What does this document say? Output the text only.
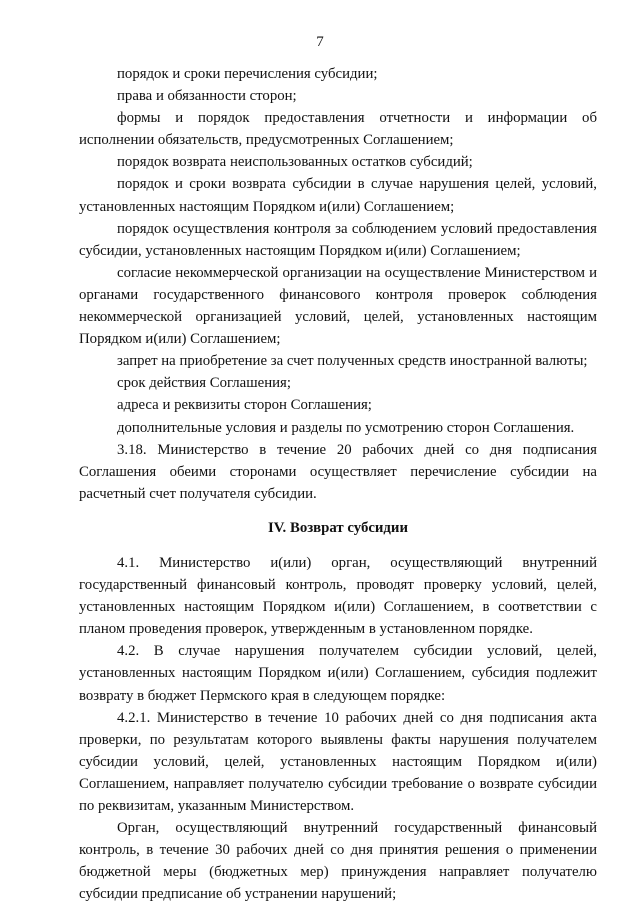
7

порядок и сроки перечисления субсидии;

права и обязанности сторон;

формы и порядок предоставления отчетности и информации об исполнении обязательств, предусмотренных Соглашением;

порядок возврата неиспользованных остатков субсидий;

порядок и сроки возврата субсидии в случае нарушения целей, условий, установленных настоящим Порядком и(или) Соглашением;

порядок осуществления контроля за соблюдением условий предоставления субсидии, установленных настоящим Порядком и(или) Соглашением;

согласие некоммерческой организации на осуществление Министерством и органами государственного финансового контроля проверок соблюдения некоммерческой организацией условий, целей, установленных настоящим Порядком и(или) Соглашением;

запрет на приобретение за счет полученных средств иностранной валюты;

срок действия Соглашения;

адреса и реквизиты сторон Соглашения;

дополнительные условия и разделы по усмотрению сторон Соглашения.

3.18. Министерство в течение 20 рабочих дней со дня подписания Соглашения обеими сторонами осуществляет перечисление субсидии на расчетный счет получателя субсидии.

IV. Возврат субсидии

4.1. Министерство и(или) орган, осуществляющий внутренний государственный финансовый контроль, проводят проверку условий, целей, установленных настоящим Порядком и(или) Соглашением, в соответствии с планом проведения проверок, утвержденным в установленном порядке.

4.2. В случае нарушения получателем субсидии условий, целей, установленных настоящим Порядком и(или) Соглашением, субсидия подлежит возврату в бюджет Пермского края в следующем порядке:

4.2.1. Министерство в течение 10 рабочих дней со дня подписания акта проверки, по результатам которого выявлены факты нарушения получателем субсидии условий, целей, установленных настоящим Порядком и(или) Соглашением, направляет получателю субсидии требование о возврате субсидии по реквизитам, указанным Министерством.

Орган, осуществляющий внутренний государственный финансовый контроль, в течение 30 рабочих дней со дня принятия решения о применении бюджетной меры (бюджетных мер) принуждения направляет получателю субсидии предписание об устранении нарушений;
